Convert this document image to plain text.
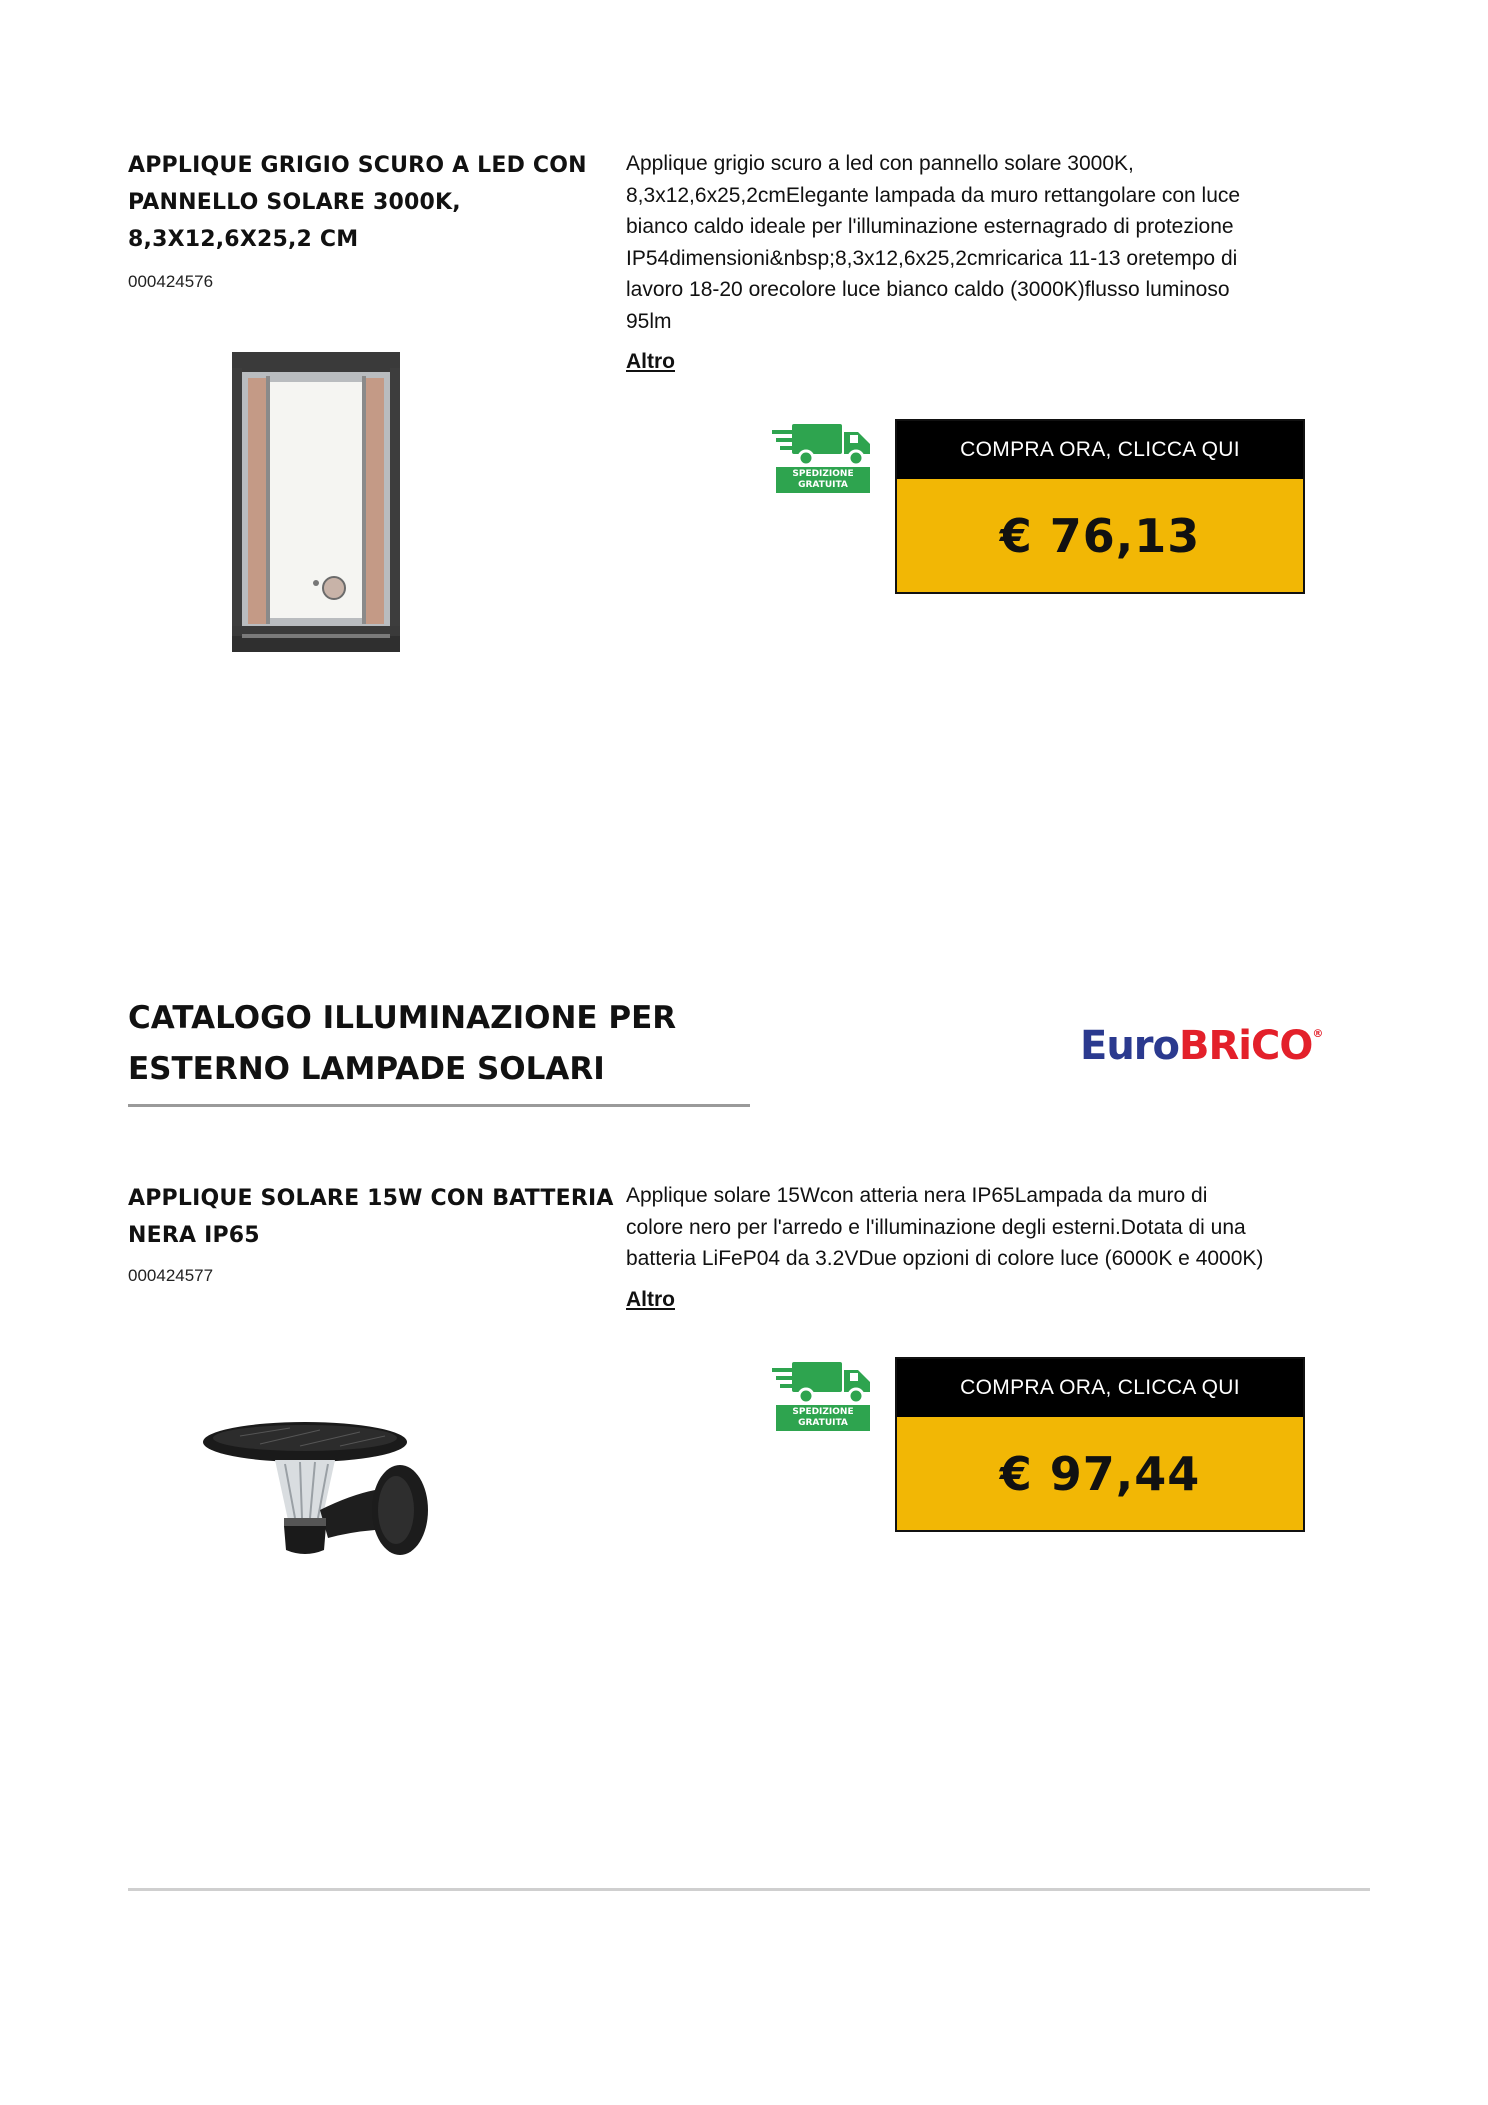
APPLIQUE GRIGIO SCURO A LED CON
PANNELLO SOLARE 3000K,
8,3X12,6X25,2 CM
000424576
Applique grigio scuro a led con pannello solare 3000K,
8,3x12,6x25,2cmElegante lampada da muro rettangolare con luce
bianco caldo ideale per l'illuminazione esternagrado di protezione
IP54dimensioni&nbsp;8,3x12,6x25,2cmricarica 11-13 oretempo di
lavoro 18-20 orecolore luce bianco caldo (3000K)flusso luminoso
95lm
Altro
SPEDIZIONE
GRATUITA
COMPRA ORA, CLICCA QUI
€ 76,13
CATALOGO ILLUMINAZIONE PER
ESTERNO LAMPADE SOLARI	EuroBRiCO®
APPLIQUE SOLARE 15W CON BATTERIA
NERA IP65
000424577
Applique solare 15Wcon atteria nera IP65Lampada da muro di
colore nero per l'arredo e l'illuminazione degli esterni.Dotata di una
batteria LiFeP04 da 3.2VDue opzioni di colore luce (6000K e 4000K)
Altro
SPEDIZIONE
GRATUITA
COMPRA ORA, CLICCA QUI
€ 97,44
